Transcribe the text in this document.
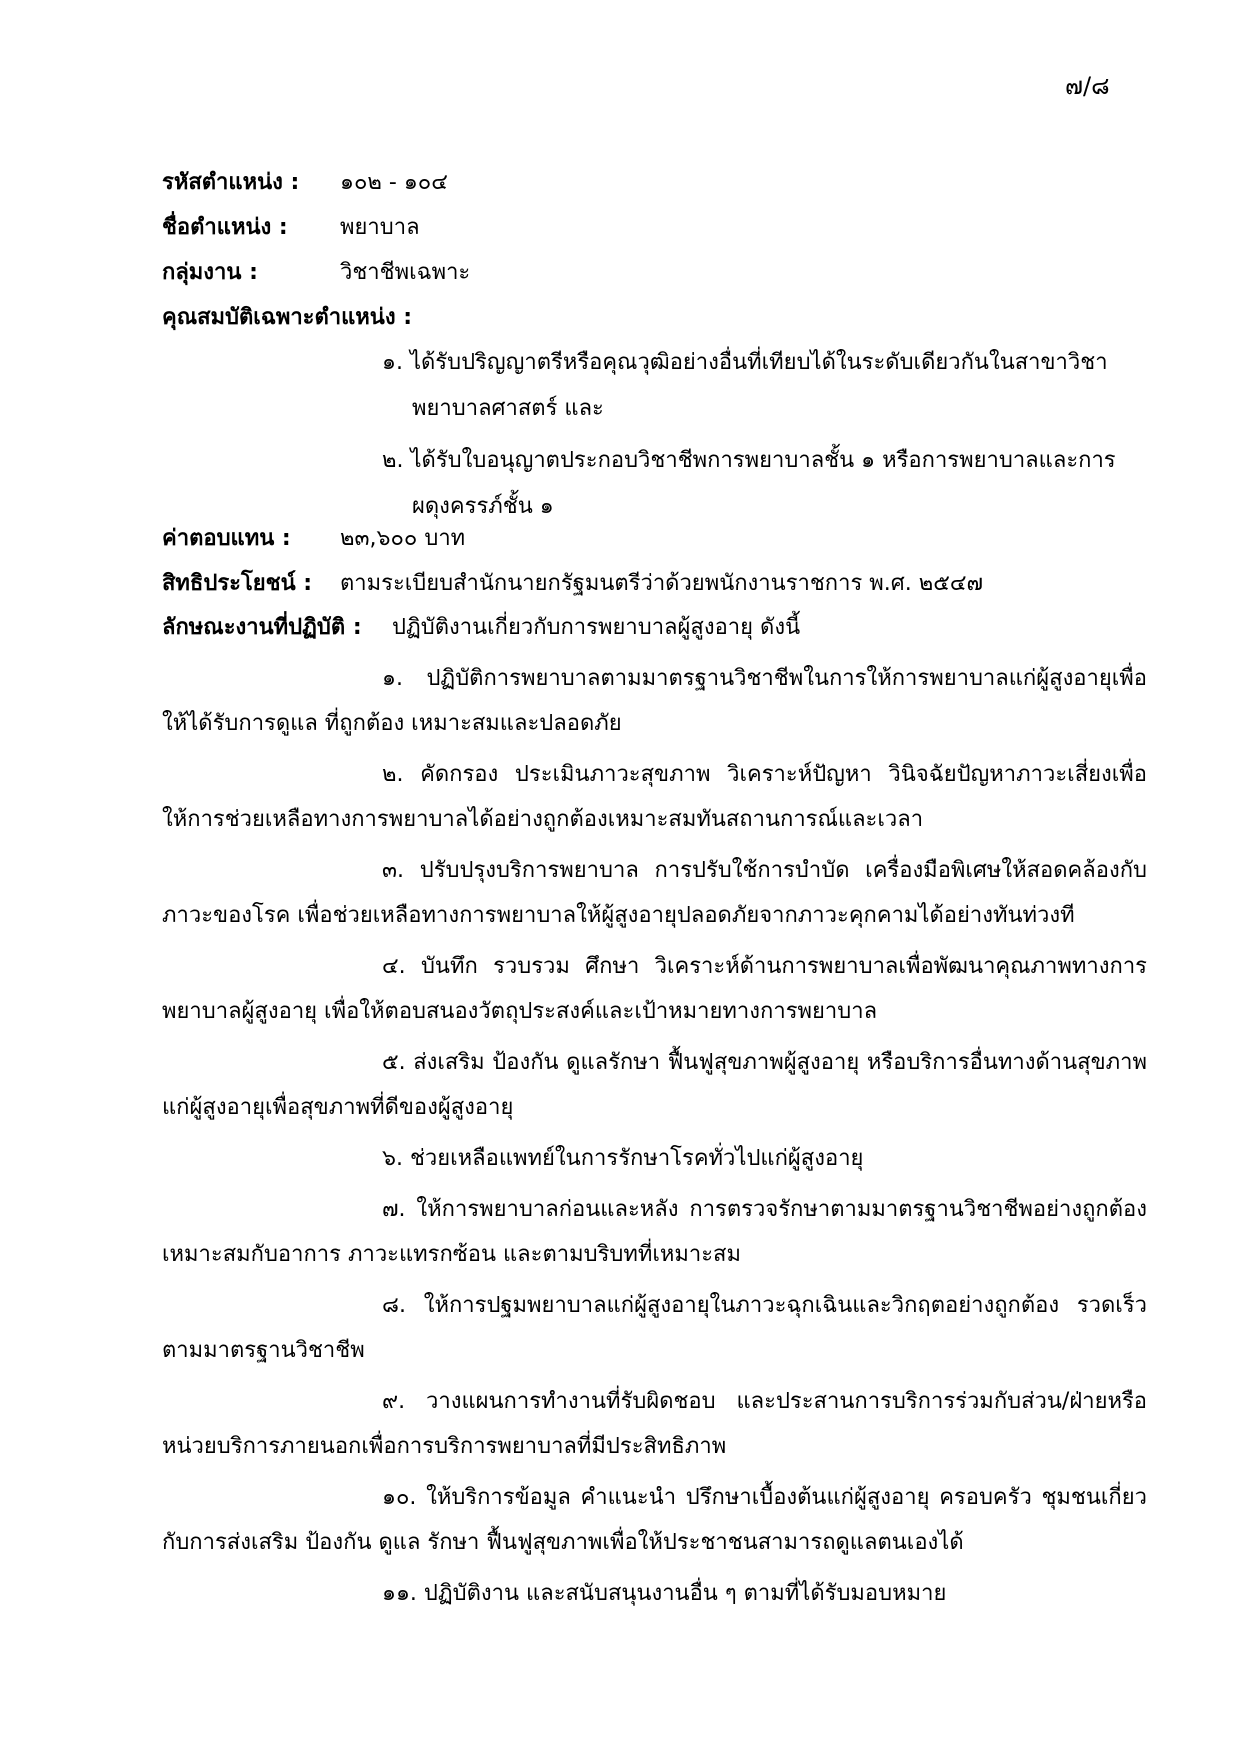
๗/๘
รหัสตำแหน่ง : ๑๐๒ - ๑๐๔
ชื่อตำแหน่ง : พยาบาล
กลุ่มงาน :	วิชาชีพเฉพาะ
คุณสมบัติเฉพาะตำแหน่ง :
๑. ได้รับปริญญาตรีหรือคุณวุฒิอย่างอื่นที่เทียบได้ในระดับเดียวกันในสาขาวิชาพยาบาลศาสตร์ และ
๒. ได้รับใบอนุญาตประกอบวิชาชีพการพยาบาลชั้น ๑ หรือการพยาบาลและการผดุงครรภ์ชั้น ๑
ค่าตอบแทน : ๒๓,๖๐๐ บาท
สิทธิประโยชน์ : ตามระเบียบสำนักนายกรัฐมนตรีว่าด้วยพนักงานราชการ พ.ศ. ๒๕๔๗
ลักษณะงานที่ปฏิบัติ : ปฏิบัติงานเกี่ยวกับการพยาบาลผู้สูงอายุ ดังนี้

๑. ปฏิบัติการพยาบาลตามมาตรฐานวิชาชีพในการให้การพยาบาลแก่ผู้สูงอายุเพื่อให้ได้รับการดูแล ที่ถูกต้อง เหมาะสมและปลอดภัย

๒. คัดกรอง ประเมินภาวะสุขภาพ วิเคราะห์ปัญหา วินิจฉัยปัญหาภาวะเสี่ยงเพื่อให้การช่วยเหลือทางการพยาบาลได้อย่างถูกต้องเหมาะสมทันสถานการณ์และเวลา

๓. ปรับปรุงบริการพยาบาล การปรับใช้การบำบัด เครื่องมือพิเศษให้สอดคล้องกับภาวะของโรค เพื่อช่วยเหลือทางการพยาบาลให้ผู้สูงอายุปลอดภัยจากภาวะคุกคามได้อย่างทันท่วงที

๔. บันทึก รวบรวม ศึกษา วิเคราะห์ด้านการพยาบาลเพื่อพัฒนาคุณภาพทางการพยาบาลผู้สูงอายุ เพื่อให้ตอบสนองวัตถุประสงค์และเป้าหมายทางการพยาบาล

๕. ส่งเสริม ป้องกัน ดูแลรักษา ฟื้นฟูสุขภาพผู้สูงอายุ หรือบริการอื่นทางด้านสุขภาพแก่ผู้สูงอายุเพื่อสุขภาพที่ดีของผู้สูงอายุ

๖. ช่วยเหลือแพทย์ในการรักษาโรคทั่วไปแก่ผู้สูงอายุ

๗. ให้การพยาบาลก่อนและหลัง การตรวจรักษาตามมาตรฐานวิชาชีพอย่างถูกต้องเหมาะสมกับอาการ ภาวะแทรกซ้อน และตามบริบทที่เหมาะสม

๘. ให้การปฐมพยาบาลแก่ผู้สูงอายุในภาวะฉุกเฉินและวิกฤตอย่างถูกต้อง รวดเร็วตามมาตรฐานวิชาชีพ

๙. วางแผนการทำงานที่รับผิดชอบ และประสานการบริการร่วมกับส่วน/ฝ่ายหรือหน่วยบริการภายนอกเพื่อการบริการพยาบาลที่มีประสิทธิภาพ

๑๐. ให้บริการข้อมูล คำแนะนำ ปรึกษาเบื้องต้นแก่ผู้สูงอายุ ครอบครัว ชุมชนเกี่ยวกับการส่งเสริม ป้องกัน ดูแล รักษา ฟื้นฟูสุขภาพเพื่อให้ประชาชนสามารถดูแลตนเองได้

๑๑. ปฏิบัติงาน และสนับสนุนงานอื่น ๆ ตามที่ได้รับมอบหมาย
